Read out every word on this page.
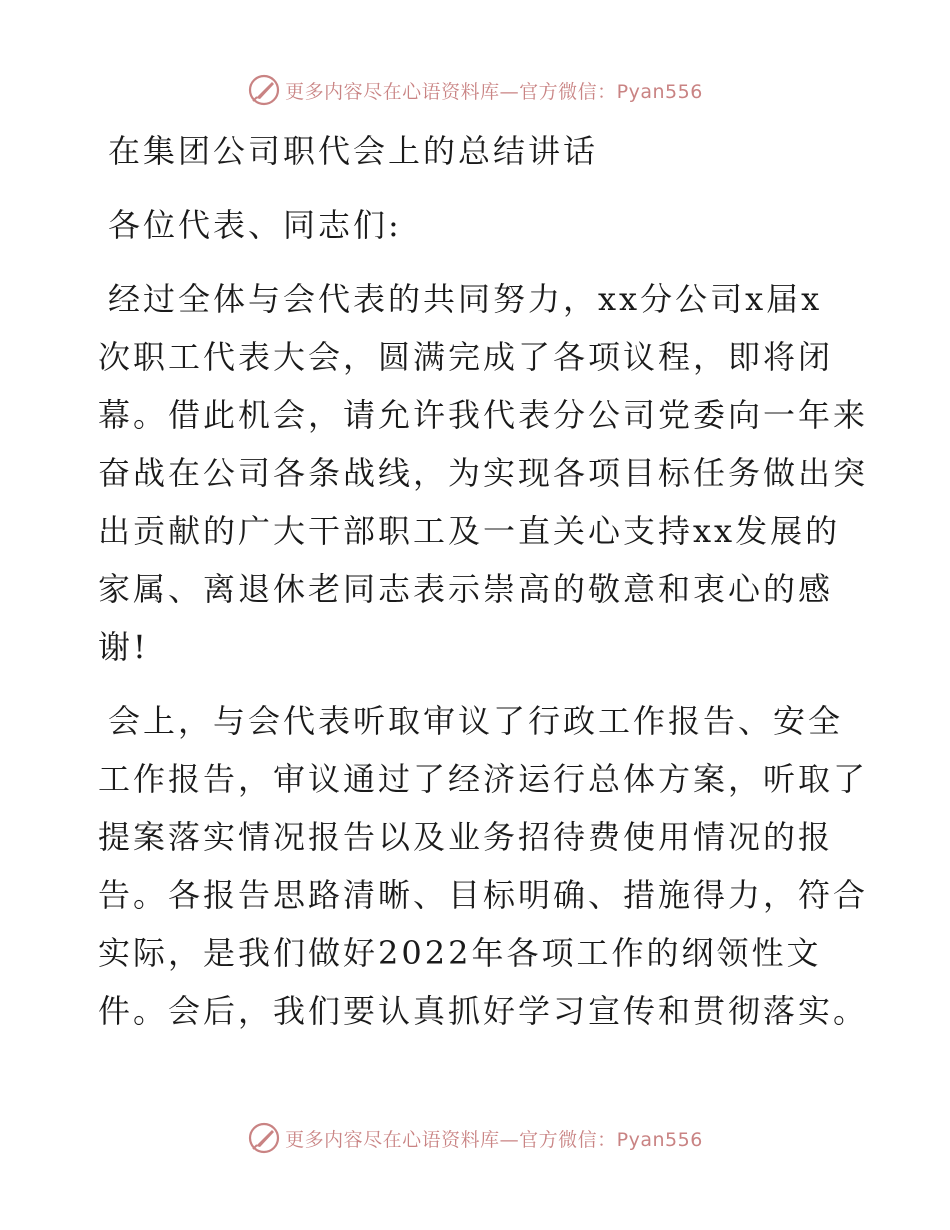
更多内容尽在心语资料库—官方微信：Pyan556
在集团公司职代会上的总结讲话
各位代表、同志们:
经过全体与会代表的共同努力，xx分公司x届x
次职工代表大会，圆满完成了各项议程，即将闭
幕。借此机会，请允许我代表分公司党委向一年来
奋战在公司各条战线，为实现各项目标任务做出突
出贡献的广大干部职工及一直关心支持xx发展的
家属、离退休老同志表示崇高的敬意和衷心的感
谢!
会上，与会代表听取审议了行政工作报告、安全
工作报告，审议通过了经济运行总体方案，听取了
提案落实情况报告以及业务招待费使用情况的报
告。各报告思路清晰、目标明确、措施得力，符合
实际，是我们做好2022年各项工作的纲领性文
件。会后，我们要认真抓好学习宣传和贯彻落实。
更多内容尽在心语资料库—官方微信：Pyan556
